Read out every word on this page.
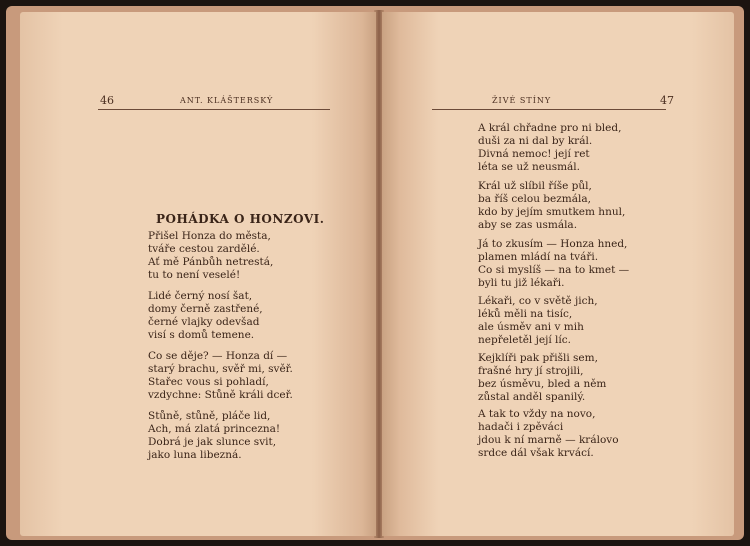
46	ANT. KLÁŠTERSKÝ
POHÁDKA O HONZOVI.
Přišel Honza do města,
tváře cestou zardělé.
Ať mě Pánbůh netrestá,
tu to není veselé!
Lidé černý nosí šat,
domy černě zastřené,
černé vlajky odevšad
visí s domů temene.
Co se děje? — Honza dí —
starý brachu, svěř mi, svěř.
Stařec vous si pohladí,
vzdychne: Stůně králi dceř.
Stůně, stůně, pláče lid,
Ach, má zlatá princezna!
Dobrá je jak slunce svit,
jako luna libezná.
ŽIVÉ STÍNY	47
A král chřadne pro ni bled,
duši za ni dal by král.
Divná nemoc! její ret
léta se už neusmál.
Král už slíbil říše půl,
ba říš celou bezmála,
kdo by jejím smutkem hnul,
aby se zas usmála.
Já to zkusím — Honza hned,
plamen mládí na tváři.
Co si myslíš — na to kmet —
byli tu již lékaři.
Lékaři, co v světě jich,
léků měli na tisíc,
ale úsměv ani v mih
nepřeletěl její líc.
Kejklíři pak přišli sem,
frašné hry jí strojili,
bez úsměvu, bled a něm
zůstal anděl spanilý.
A tak to vždy na novo,
hadači i zpěváci
jdou k ní marně — královo
srdce dál však krvácí.
